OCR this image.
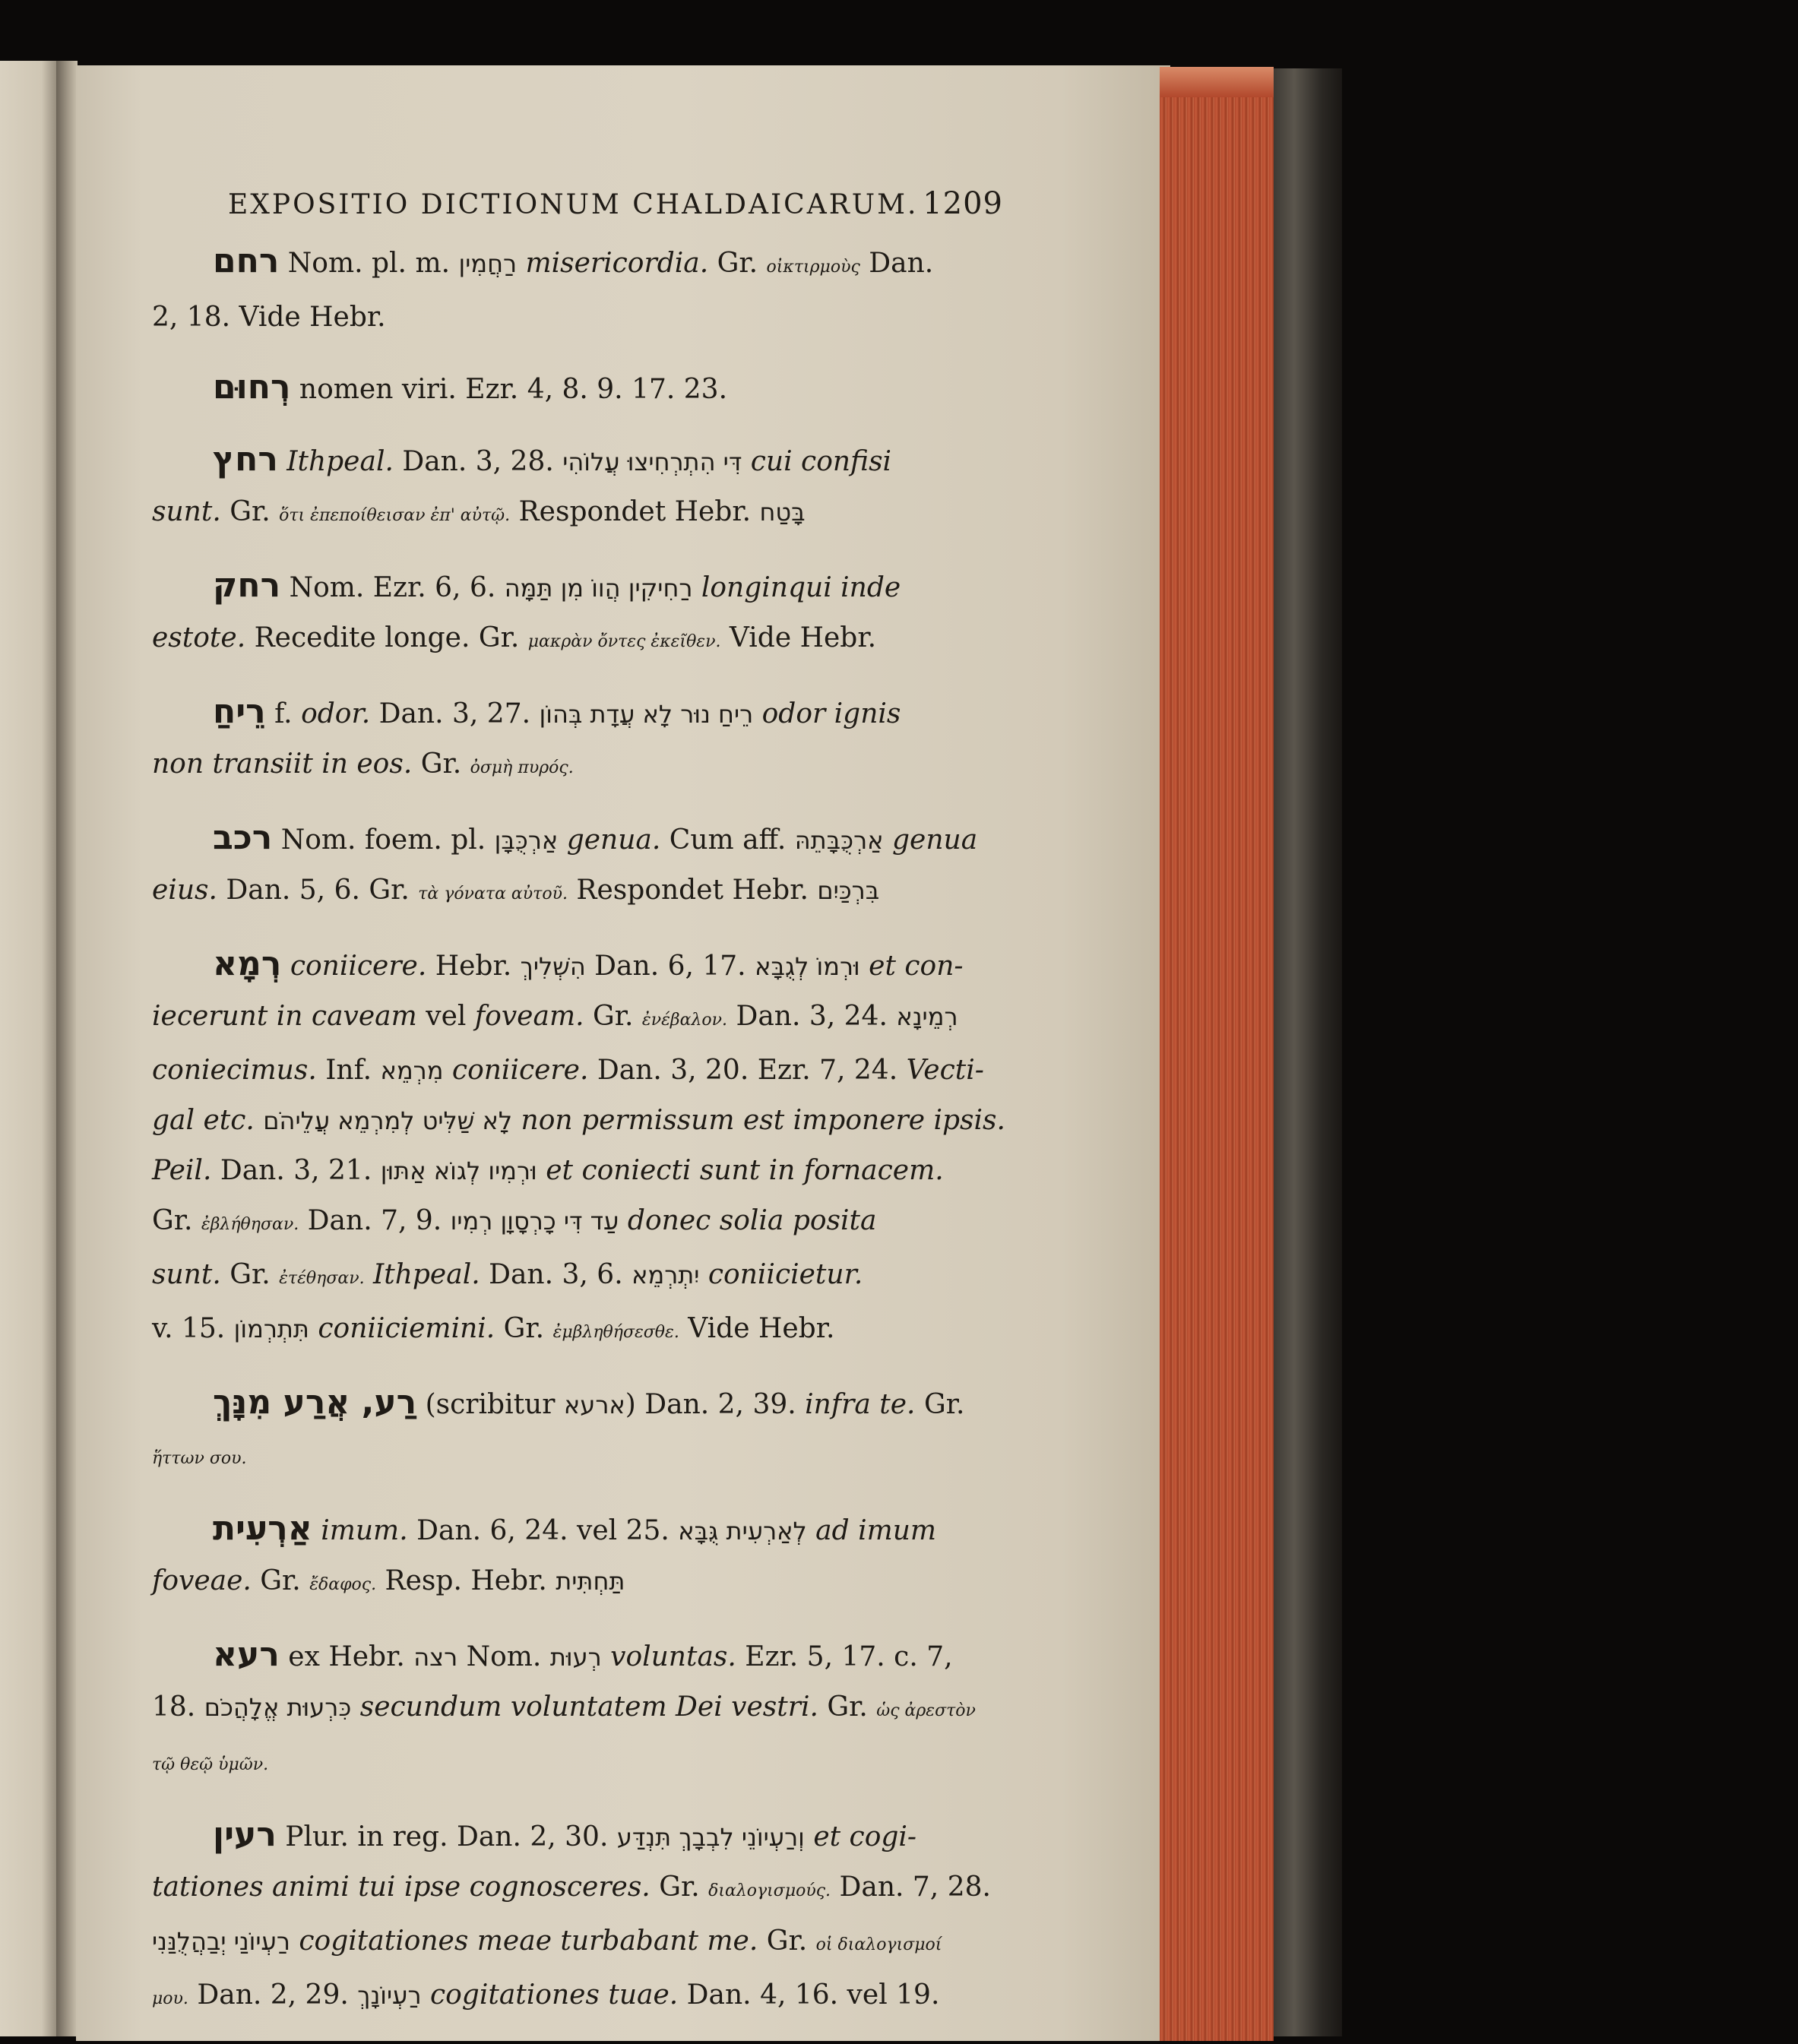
EXPOSITIO DICTIONUM CHALDAICARUM. 1209
רחם Nom. pl. m. רַחֲמִין misericordia. Gr. οἰκτιρμοὺς Dan.
2, 18. Vide Hebr.
רְחוּם nomen viri. Ezr. 4, 8. 9. 17. 23.
רחץ Ithpeal. Dan. 3, 28. דִּי הִתְרְחִיצוּ עֲלוֹהִי cui confisi
sunt. Gr. ὅτι ἐπεποίθεισαν ἐπ' αὐτῷ. Respondet Hebr. בָּטַח
רחק Nom. Ezr. 6, 6. רַחִיקִין הֲווֹ מִן תַּמָּה longinqui inde
estote. Recedite longe. Gr. μακρὰν ὄντες ἐκεῖθεν. Vide Hebr.
רֵיחַ f. odor. Dan. 3, 27. רֵיחַ נוּר לָא עֲדָת בְּהוֹן odor ignis
non transiit in eos. Gr. ὀσμὴ πυρός.
רכב Nom. foem. pl. אַרְכֻּבָּן genua. Cum aff. אַרְכֻּבָּתֵהּ genua
eius. Dan. 5, 6. Gr. τὰ γόνατα αὐτοῦ. Respondet Hebr. בִּרְכַּיִם
רְמָא coniicere. Hebr. הִשְׁלִיךְ Dan. 6, 17. וּרְמוֹ לְגֻבָּא et con-
iecerunt in caveam vel foveam. Gr. ἐνέβαλον. Dan. 3, 24. רְמֵינָא
coniecimus. Inf. מִרְמֵא coniicere. Dan. 3, 20. Ezr. 7, 24. Vecti-
gal etc. לָא שַׁלִּיט לְמִרְמֵא עֲלֵיהֹם non permissum est imponere ipsis.
Peil. Dan. 3, 21. וּרְמִיו לְגוֹא אַתּוּן et coniecti sunt in fornacem.
Gr. ἐβλήθησαν. Dan. 7, 9. עַד דִּי כָרְסָוָן רְמִיו donec solia posita
sunt. Gr. ἐτέθησαν. Ithpeal. Dan. 3, 6. יִתְרְמֵא coniicietur.
v. 15. תִּתְרְמוֹן coniiciemini. Gr. ἐμβληθήσεσθε. Vide Hebr.
רַע, אֲרַע מִנָּךְ (scribitur ארעא) Dan. 2, 39. infra te. Gr.
ἥττων σου.
אַרְעִית imum. Dan. 6, 24. vel 25. לְאַרְעִית גֻּבָּא ad imum
foveae. Gr. ἔδαφος. Resp. Hebr. תַּחְתִּית
רעא ex Hebr. רצה Nom. רְעוּת voluntas. Ezr. 5, 17. c. 7,
18. כִּרְעוּת אֱלָהֲכֹם secundum voluntatem Dei vestri. Gr. ὡς ἀρεστὸν
τῷ θεῷ ὑμῶν.
רעין Plur. in reg. Dan. 2, 30. וְרַעְיוֹנֵי לִבְבָךְ תִּנְדַּע et cogi-
tationes animi tui ipse cognosceres. Gr. διαλογισμούς. Dan. 7, 28.
רַעְיוֹנַי יְבַהֲלֻנַּנִי cogitationes meae turbabant me. Gr. οἱ διαλογισμοί
μου. Dan. 2, 29. רַעְיוֹנָךְ cogitationes tuae. Dan. 4, 16. vel 19.
